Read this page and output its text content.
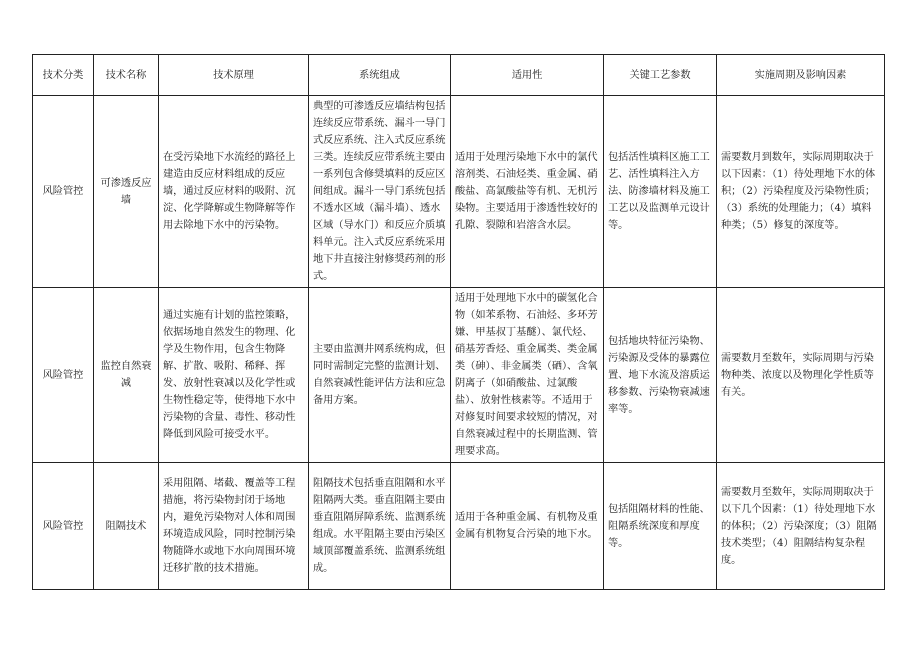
技术分类	技术名称	技术原理	系统组成	适用性	关键工艺参数	实施周期及影响因素
风险管控	可渗透反应墙	在受污染地下水流经的路径上建造由反应材料组成的反应墙，通过反应材料的吸附、沉淀、化学降解或生物降解等作用去除地下水中的污染物。	典型的可渗透反应墙结构包括连续反应带系统、漏斗一导门式反应系统、注入式反应系统三类。连续反应带系统主要由一系列包含修奨填料的反应区间组成。漏斗一导门系统包括不透水区域（漏斗墙）、透水区域（导水门）和反应介质填料单元。注入式反应系统采用地下井直接注射修奨药剂的形式。	适用于处理污染地下水中的氯代溶剂类、石油烃类、重金属、硝酸盐、高氯酸盐等有机、无机污染物。主要适用于渗透性较好的孔隙、裂隙和岩溶含水层。	包括活性填料区施工工艺、活性填料注入方法、防渗墙材料及施工工艺以及监测单元设计等。	需要数月到数年，实际周期取决于以下因素：（1）待处理地下水的体积；（2）污染程度及污染物性质；（3）系统的处理能力；（4）填料种类；（5）修复的深度等。
风险管控	监控自然衰减	通过实施有计划的监控策略，依据场地自然发生的物理、化学及生物作用，包含生物降解、扩散、吸附、稀释、挥发、放射性衰减以及化学性或生物性稳定等，使得地下水中污染物的含量、毒性、移动性降低到风险可接受水平。	主要由监测井网系统构成，但同时需制定完整的监测计划、自然衰减性能评估方法和应急备用方案。	适用于处理地下水中的碳氢化合物（如苯系物、石油烃、多环芳嫌、甲基叔丁基醚）、氯代烃、硝基芳香烃、重金属类、类金属类（砷）、非金属类（硒）、含氧阴离子（如硝酸盐、过氯酸盐）、放射性核素等。不适用于对修复时间要求较短的情况，对自然衰减过程中的长期监测、管理要求高。	包括地块特征污染物、污染源及受体的暴露位置、地下水流及溶质运移参数、污染物衰减速率等。	需要数月至数年，实际周期与污染物种类、浓度以及物理化学性质等有关。
风险管控	阻隔技术	采用阻隔、堵截、覆盖等工程措施，将污染物封闭于场地内，避免污染物对人体和周围环境造成风险，同时控制污染物随降水或地下水向周围环境迁移扩散的技术措施。	阻隔技术包括垂直阻隔和水平阻隔两大类。垂直阻隔主要由垂直阻隔屏障系统、监测系统组成。水平阻隔主要由污染区域顶部覆盖系统、监测系统组成。	适用于各种重金属、有机物及重金属有机物复合污染的地下水。	包括阻隔材料的性能、阻隔系统深度和厚度等。	需要数月至数年，实际周期取决于以下几个因素：（1）待处理地下水的体积；（2）污染深度；（3）阻隔技术类型；（4）阻隔结构复杂程度。
